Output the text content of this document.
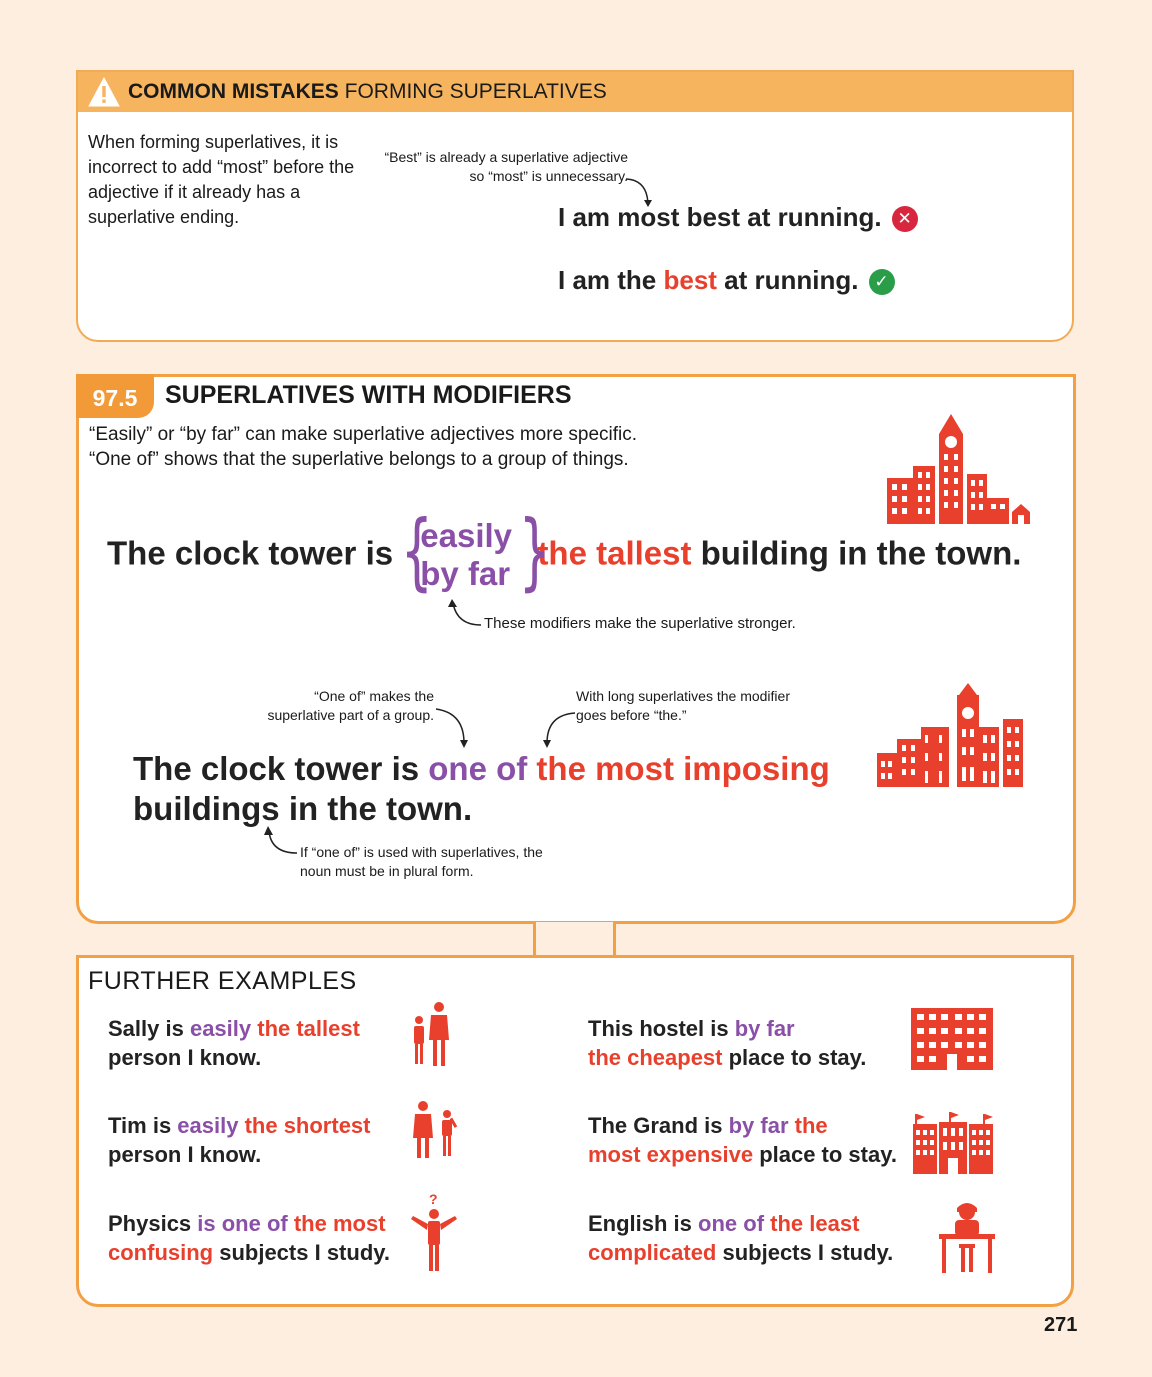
COMMON MISTAKES FORMING SUPERLATIVES
When forming superlatives, it is incorrect to add “most” before the adjective if it already has a superlative ending.
“Best” is already a superlative adjective so “most” is unnecessary.
I am most best at running. ✕
I am the best at running. ✓
97.5	SUPERLATIVES WITH MODIFIERS
“Easily” or “by far” can make superlative adjectives more specific.
“One of” shows that the superlative belongs to a group of things.
The clock tower is {
easily
by far }
the tallest building in the town.
These modifiers make the superlative stronger.
“One of” makes the superlative part of a group.
With long superlatives the modifier goes before “the.”
The clock tower is one of the most imposing
buildings in the town.
If “one of” is used with superlatives, the noun must be in plural form.
FURTHER EXAMPLES
Sally is easily the tallest
person I know.
Tim is easily the shortest
person I know.
Physics is one of the most
confusing subjects I study.
This hostel is by far
the cheapest place to stay.
The Grand is by far the
most expensive place to stay.
English is one of the least
complicated subjects I study.
?
271
